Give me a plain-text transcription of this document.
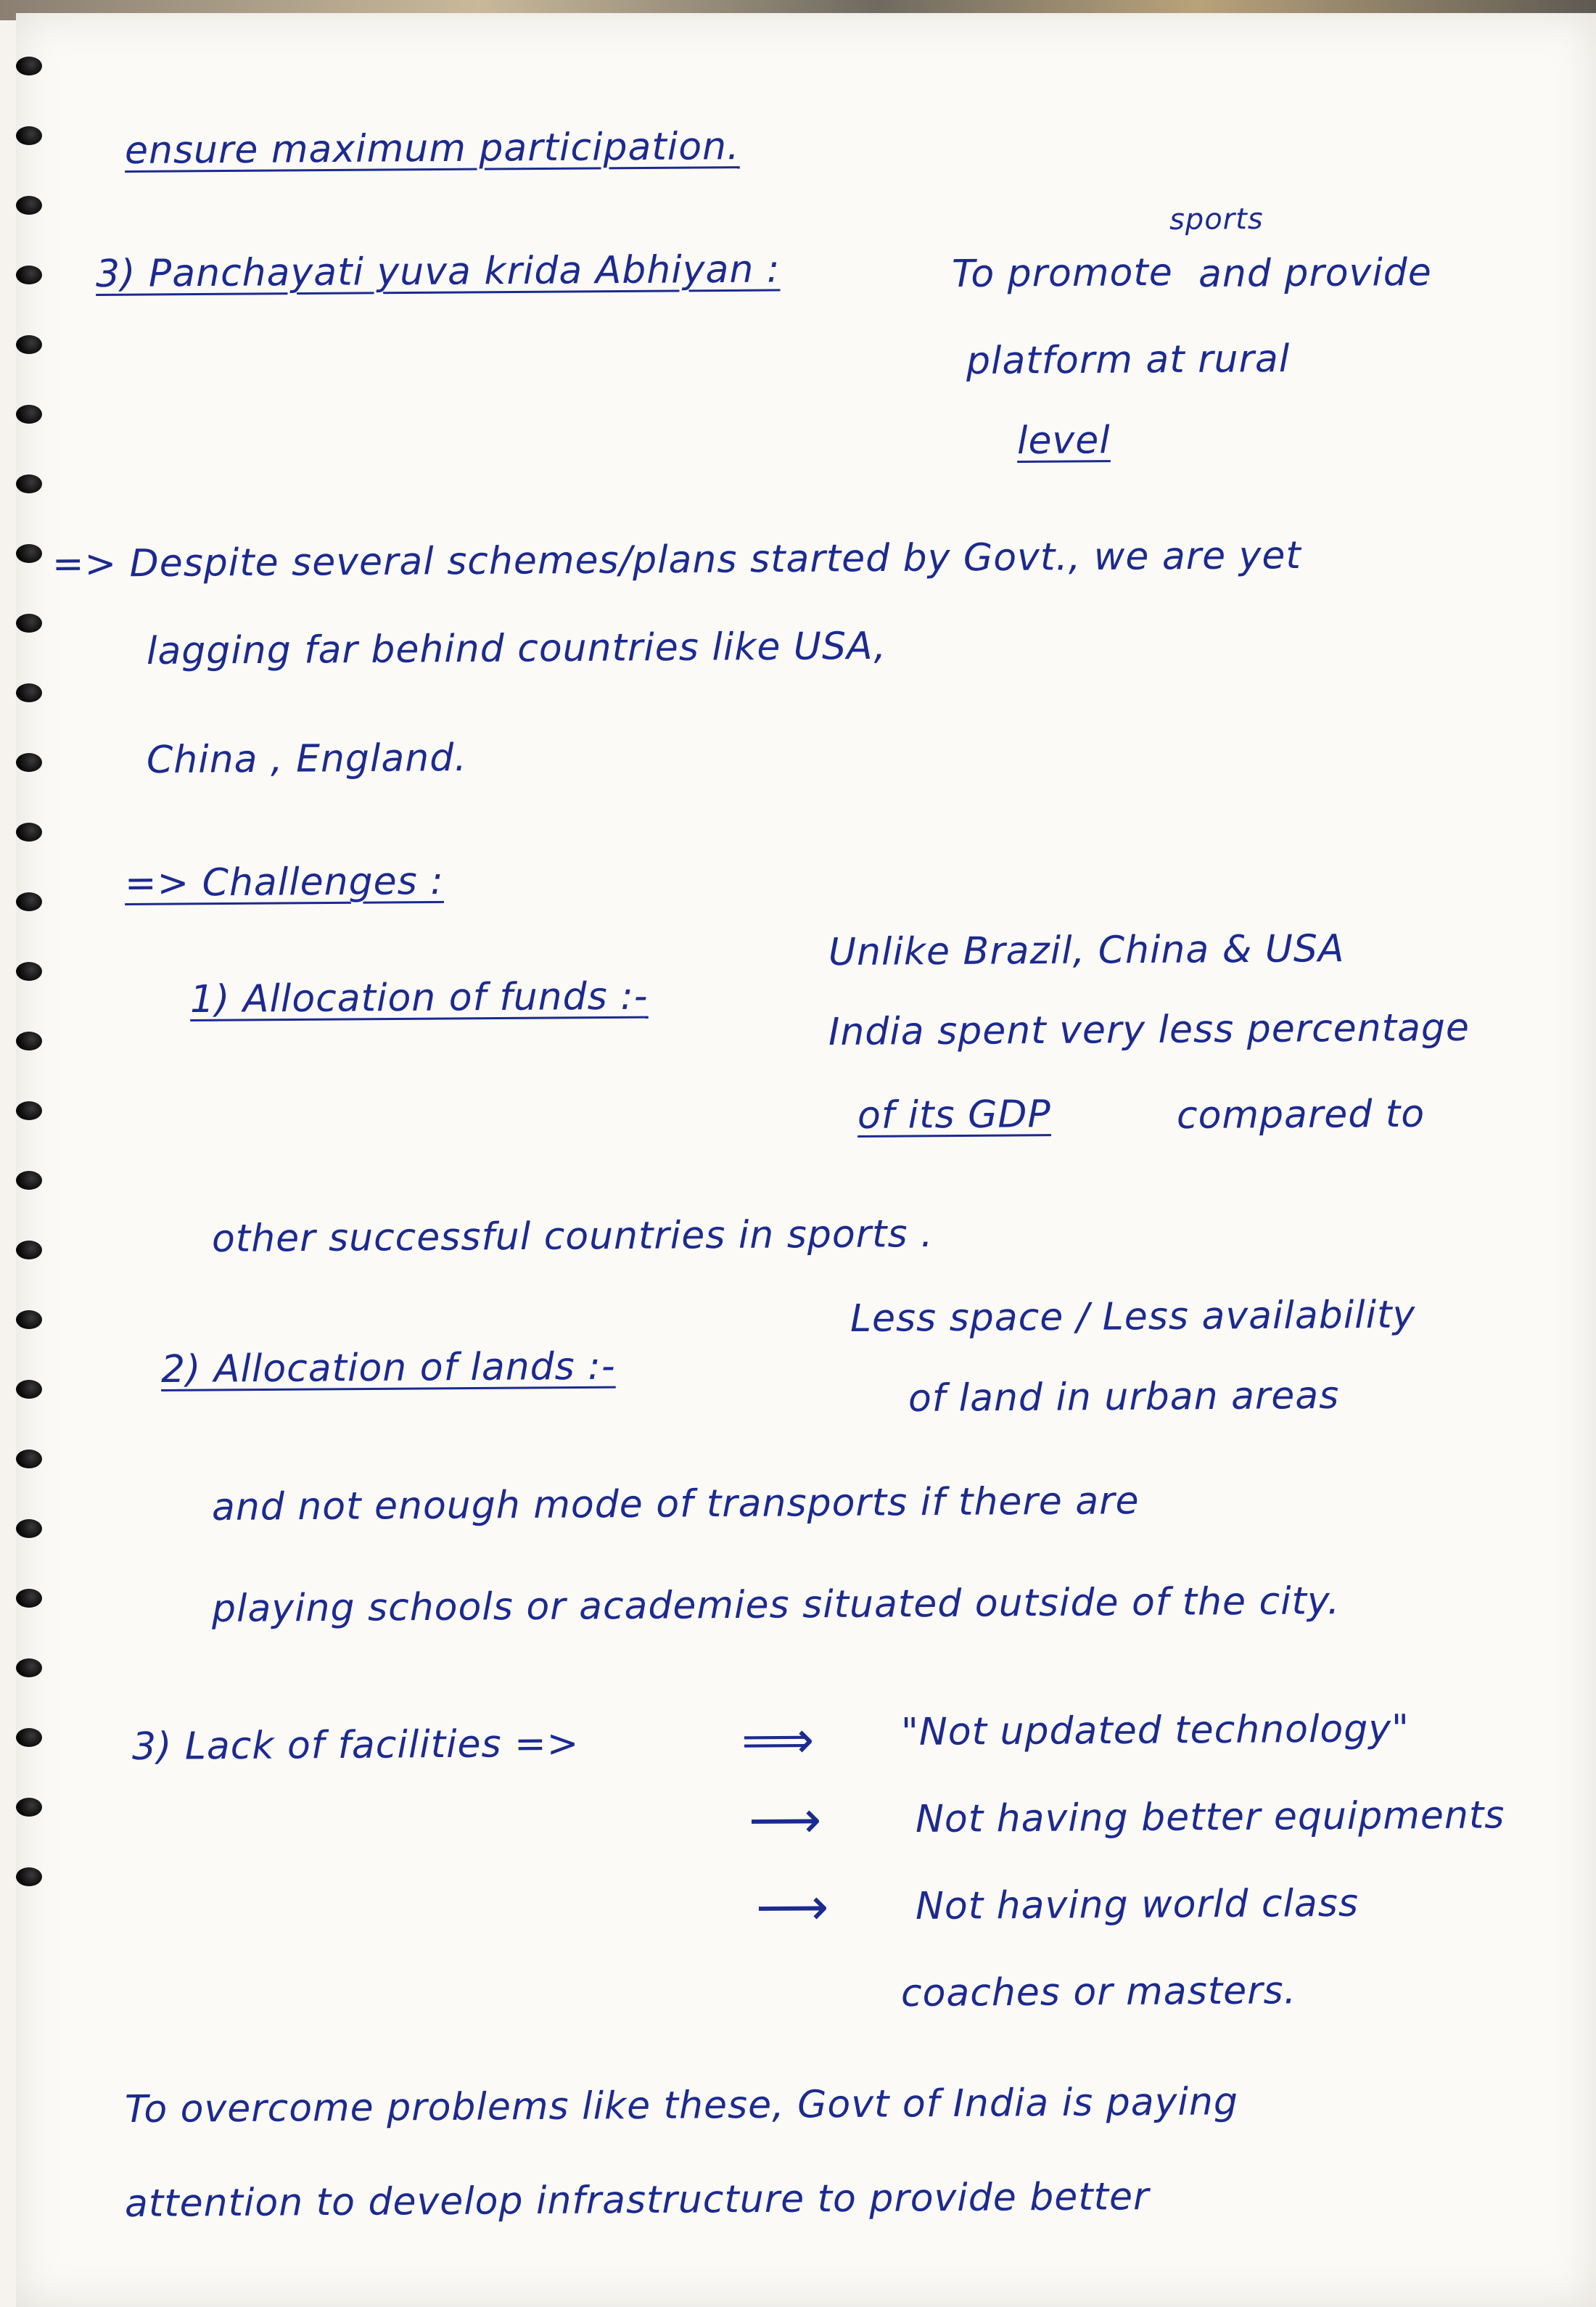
ensure maximum participation.
3) Panchayati yuva krida Abhiyan :	To promote
sports
and provide
platform at rural
level
=> Despite several schemes/plans started by Govt., we are yet
lagging far behind countries like USA,
China , England.
=> Challenges :
1) Allocation of funds :-
Unlike Brazil, China & USA
India spent very less percentage
of its GDP	compared to
other successful countries in sports .
2) Allocation of lands :-
Less space / Less availability
of land in urban areas
and not enough mode of transports if there are
playing schools or academies situated outside of the city.
3) Lack of facilities =>	⟹ "Not updated technology"
⟶ Not having better equipments
⟶ Not having world class
coaches or masters.
To overcome problems like these, Govt of India is paying
attention to develop infrastructure to provide better
